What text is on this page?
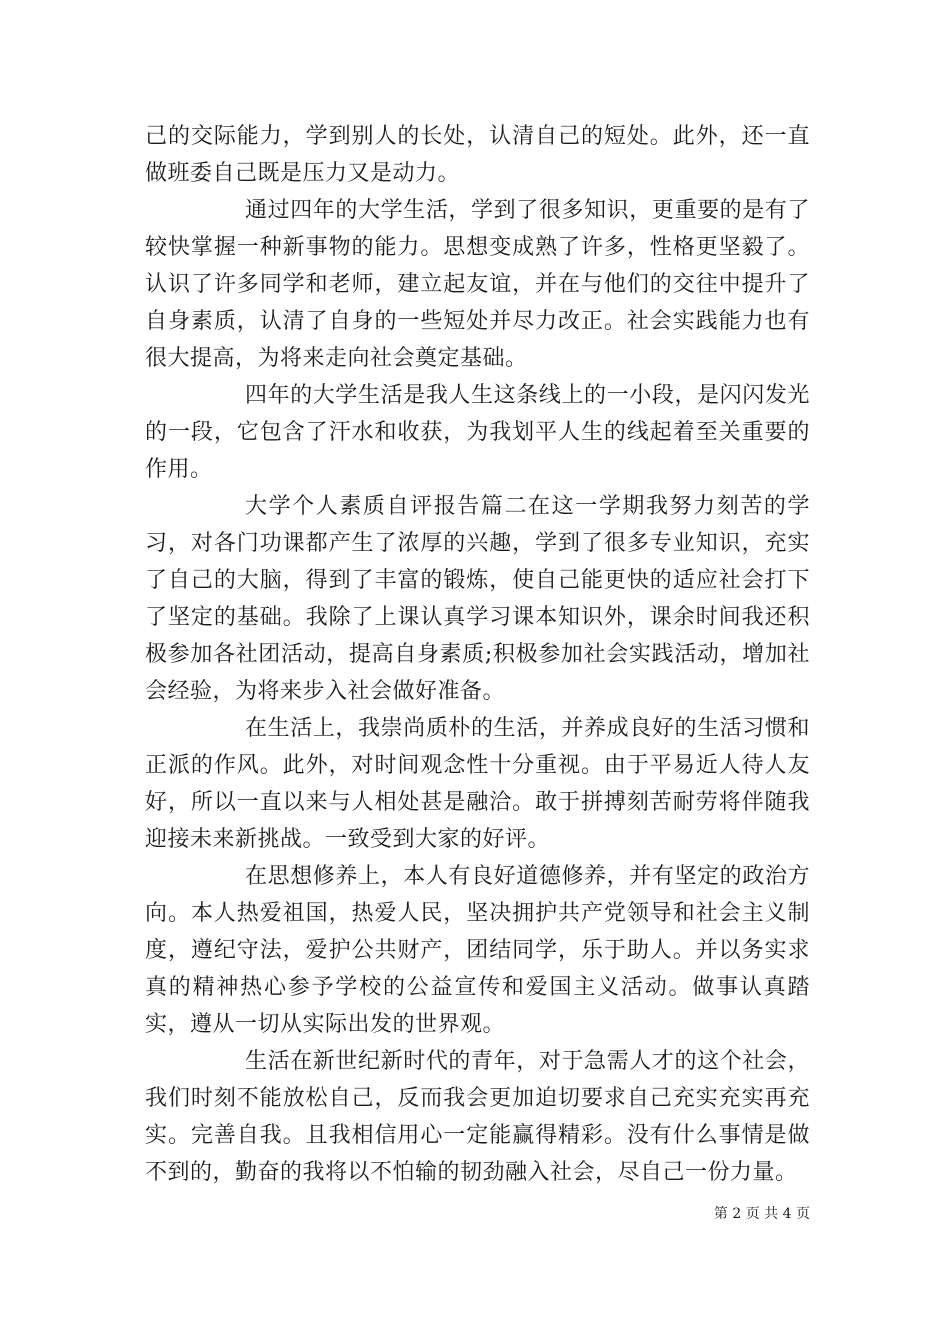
己的交际能力，学到别人的长处，认清自己的短处。此外，还一直做班委自己既是压力又是动力。

通过四年的大学生活，学到了很多知识，更重要的是有了较快掌握一种新事物的能力。思想变成熟了许多，性格更坚毅了。认识了许多同学和老师，建立起友谊，并在与他们的交往中提升了自身素质，认清了自身的一些短处并尽力改正。社会实践能力也有很大提高，为将来走向社会奠定基础。

四年的大学生活是我人生这条线上的一小段，是闪闪发光的一段，它包含了汗水和收获，为我划平人生的线起着至关重要的作用。

大学个人素质自评报告篇二在这一学期我努力刻苦的学习，对各门功课都产生了浓厚的兴趣，学到了很多专业知识，充实了自己的大脑，得到了丰富的锻炼，使自己能更快的适应社会打下了坚定的基础。我除了上课认真学习课本知识外，课余时间我还积极参加各社团活动，提高自身素质;积极参加社会实践活动，增加社会经验，为将来步入社会做好准备。

在生活上，我崇尚质朴的生活，并养成良好的生活习惯和正派的作风。此外，对时间观念性十分重视。由于平易近人待人友好，所以一直以来与人相处甚是融洽。敢于拼搏刻苦耐劳将伴随我迎接未来新挑战。一致受到大家的好评。

在思想修养上，本人有良好道德修养，并有坚定的政治方向。本人热爱祖国，热爱人民，坚决拥护共产党领导和社会主义制度，遵纪守法，爱护公共财产，团结同学，乐于助人。并以务实求真的精神热心参予学校的公益宣传和爱国主义活动。做事认真踏实，遵从一切从实际出发的世界观。

生活在新世纪新时代的青年，对于急需人才的这个社会，我们时刻不能放松自己，反而我会更加迫切要求自己充实充实再充实。完善自我。且我相信用心一定能赢得精彩。没有什么事情是做不到的，勤奋的我将以不怕输的韧劲融入社会，尽自己一份力量。

第 2 页 共 4 页
